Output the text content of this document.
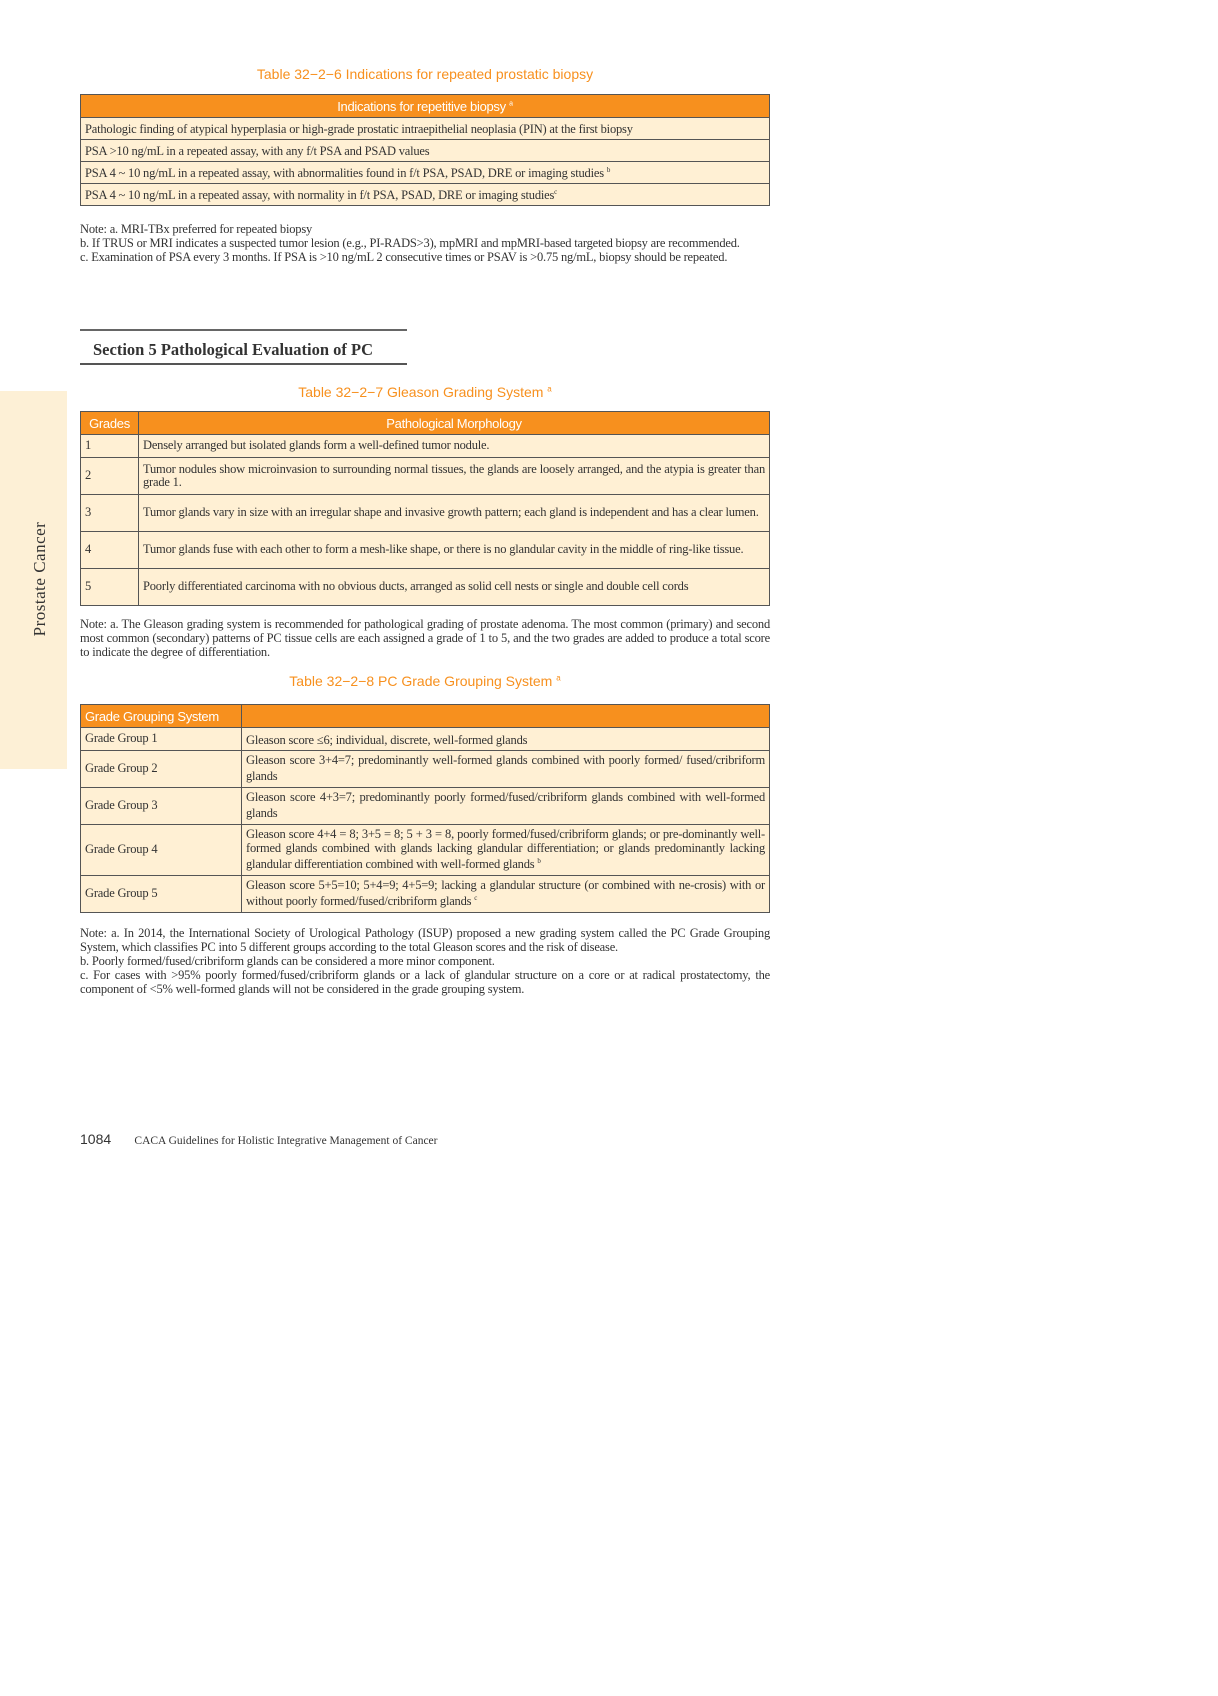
Prostate Cancer
Table 32−2−6 Indications for repeated prostatic biopsy
Indications for repetitive biopsy $^a$
Pathologic finding of atypical hyperplasia or high-grade prostatic intraepithelial neoplasia (PIN) at the first biopsy
PSA >10 ng/mL in a repeated assay, with any f/t PSA and PSAD values
PSA 4 ~ 10 ng/mL in a repeated assay, with abnormalities found in f/t PSA, PSAD, DRE or imaging studies $^b$
PSA 4 ~ 10 ng/mL in a repeated assay, with normality in f/t PSA, PSAD, DRE or imaging studies$^c$
Note: a. MRI-TBx preferred for repeated biopsy
b. If TRUS or MRI indicates a suspected tumor lesion (e.g., PI-RADS>3), mpMRI and mpMRI-based targeted biopsy are recommended.
c. Examination of PSA every 3 months. If PSA is >10 ng/mL 2 consecutive times or PSAV is >0.75 ng/mL, biopsy should be repeated.
Section 5 Pathological Evaluation of PC
Table 32−2−7 Gleason Grading System $^a$
Grades	Pathological Morphology
1	Densely arranged but isolated glands form a well-defined tumor nodule.
2	Tumor nodules show microinvasion to surrounding normal tissues, the glands are loosely arranged, and the atypia is greater than grade 1.
3	Tumor glands vary in size with an irregular shape and invasive growth pattern; each gland is independent and has a clear lumen.
4	Tumor glands fuse with each other to form a mesh-like shape, or there is no glandular cavity in the middle of ring-like tissue.
5	Poorly differentiated carcinoma with no obvious ducts, arranged as solid cell nests or single and double cell cords
Note: a. The Gleason grading system is recommended for pathological grading of prostate adenoma. The most common (primary) and second most common (secondary) patterns of PC tissue cells are each assigned a grade of 1 to 5, and the two grades are added to produce a total score to indicate the degree of differentiation.
Table 32−2−8 PC Grade Grouping System $^a$
Grade Grouping System	
Grade Group 1	Gleason score ≤6; individual, discrete, well-formed glands
Grade Group 2	Gleason score 3+4=7; predominantly well-formed glands combined with poorly formed/ fused/cribriform glands
Grade Group 3	Gleason score 4+3=7; predominantly poorly formed/fused/cribriform glands combined with well-formed glands
Grade Group 4	Gleason score 4+4 = 8; 3+5 = 8; 5 + 3 = 8, poorly formed/fused/cribriform glands; or pre-dominantly well-formed glands combined with glands lacking glandular differentiation; or glands predominantly lacking glandular differentiation combined with well-formed glands $^b$
Grade Group 5	Gleason score 5+5=10; 5+4=9; 4+5=9; lacking a glandular structure (or combined with ne-crosis) with or without poorly formed/fused/cribriform glands $^c$
Note: a. In 2014, the International Society of Urological Pathology (ISUP) proposed a new grading system called the PC Grade Grouping System, which classifies PC into 5 different groups according to the total Gleason scores and the risk of disease.
b. Poorly formed/fused/cribriform glands can be considered a more minor component.
c. For cases with >95% poorly formed/fused/cribriform glands or a lack of glandular structure on a core or at radical prostatectomy, the component of <5% well-formed glands will not be considered in the grade grouping system.
1084 CACA Guidelines for Holistic Integrative Management of Cancer
